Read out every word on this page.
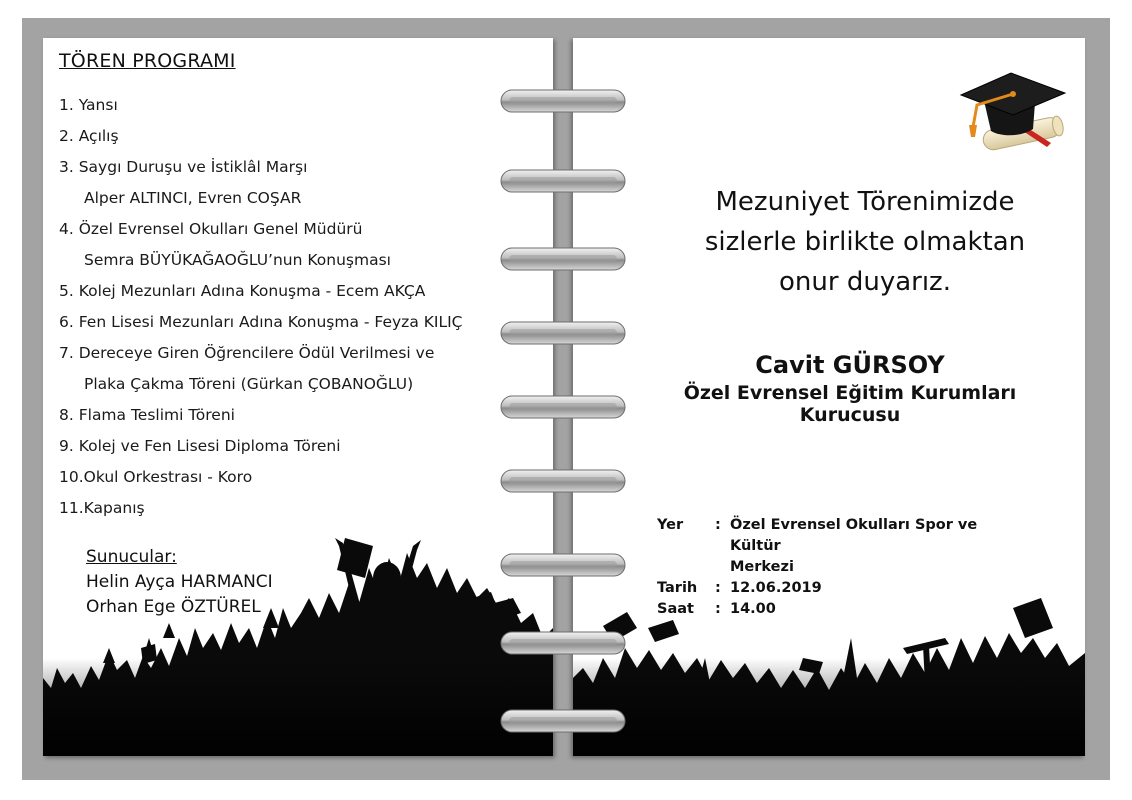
TÖREN PROGRAMI
1. Yansı
2. Açılış
3. Saygı Duruşu ve İstiklâl Marşı
Alper ALTINCI, Evren COŞAR
4. Özel Evrensel Okulları Genel Müdürü
Semra BÜYÜKAĞAOĞLU’nun Konuşması
5. Kolej Mezunları Adına Konuşma - Ecem AKÇA
6. Fen Lisesi Mezunları Adına Konuşma - Feyza KILIÇ
7. Dereceye Giren Öğrencilere Ödül Verilmesi ve
Plaka Çakma Töreni (Gürkan ÇOBANOĞLU)
8. Flama Teslimi Töreni
9. Kolej ve Fen Lisesi Diploma Töreni
10.Okul Orkestrası - Koro
11.Kapanış
Sunucular:
Helin Ayça HARMANCI
Orhan Ege ÖZTÜREL
Mezuniyet Törenimizde
sizlerle birlikte olmaktan
onur duyarız.
Cavit GÜRSOY
Özel Evrensel Eğitim Kurumları
Kurucusu
Yer	: Özel Evrensel Okulları Spor ve Kültür
Merkezi
Tarih	: 12.06.2019
Saat	: 14.00
